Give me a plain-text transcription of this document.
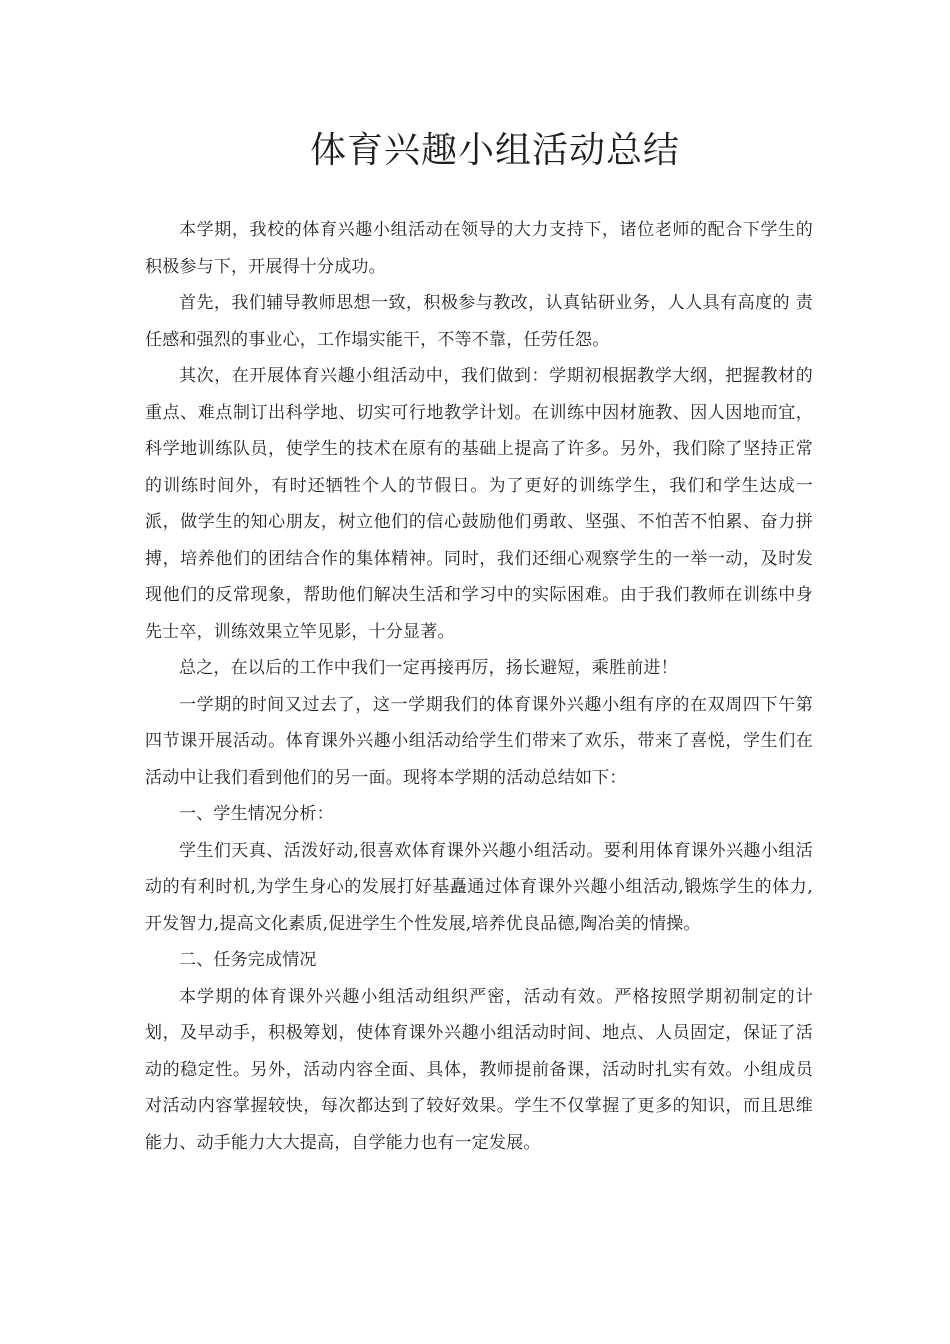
体育兴趣小组活动总结

本学期，我校的体育兴趣小组活动在领导的大力支持下，诸位老师的配合下学生的积极参与下，开展得十分成功。

首先，我们辅导教师思想一致，积极参与教改，认真钻研业务，人人具有高度的 责任感和强烈的事业心，工作塌实能干，不等不靠，任劳任怨。

其次，在开展体育兴趣小组活动中，我们做到：学期初根据教学大纲，把握教材的重点、难点制订出科学地、切实可行地教学计划。在训练中因材施教、因人因地而宜，科学地训练队员，使学生的技术在原有的基础上提高了许多。另外，我们除了坚持正常的训练时间外，有时还牺牲个人的节假日。为了更好的训练学生，我们和学生达成一派，做学生的知心朋友，树立他们的信心鼓励他们勇敢、坚强、不怕苦不怕累、奋力拼搏，培养他们的团结合作的集体精神。同时，我们还细心观察学生的一举一动，及时发现他们的反常现象，帮助他们解决生活和学习中的实际困难。由于我们教师在训练中身先士卒，训练效果立竿见影，十分显著。

总之，在以后的工作中我们一定再接再厉，扬长避短，乘胜前进！

一学期的时间又过去了，这一学期我们的体育课外兴趣小组有序的在双周四下午第四节课开展活动。体育课外兴趣小组活动给学生们带来了欢乐，带来了喜悦，学生们在活动中让我们看到他们的另一面。现将本学期的活动总结如下：

一、学生情况分析：

学生们天真、活泼好动,很喜欢体育课外兴趣小组活动。要利用体育课外兴趣小组活动的有利时机,为学生身心的发展打好基矗通过体育课外兴趣小组活动,锻炼学生的体力,开发智力,提高文化素质,促进学生个性发展,培养优良品德,陶冶美的情操。

二、任务完成情况

本学期的体育课外兴趣小组活动组织严密，活动有效。严格按照学期初制定的计划，及早动手，积极筹划，使体育课外兴趣小组活动时间、地点、人员固定，保证了活动的稳定性。另外，活动内容全面、具体，教师提前备课，活动时扎实有效。小组成员对活动内容掌握较快，每次都达到了较好效果。学生不仅掌握了更多的知识，而且思维能力、动手能力大大提高，自学能力也有一定发展。
